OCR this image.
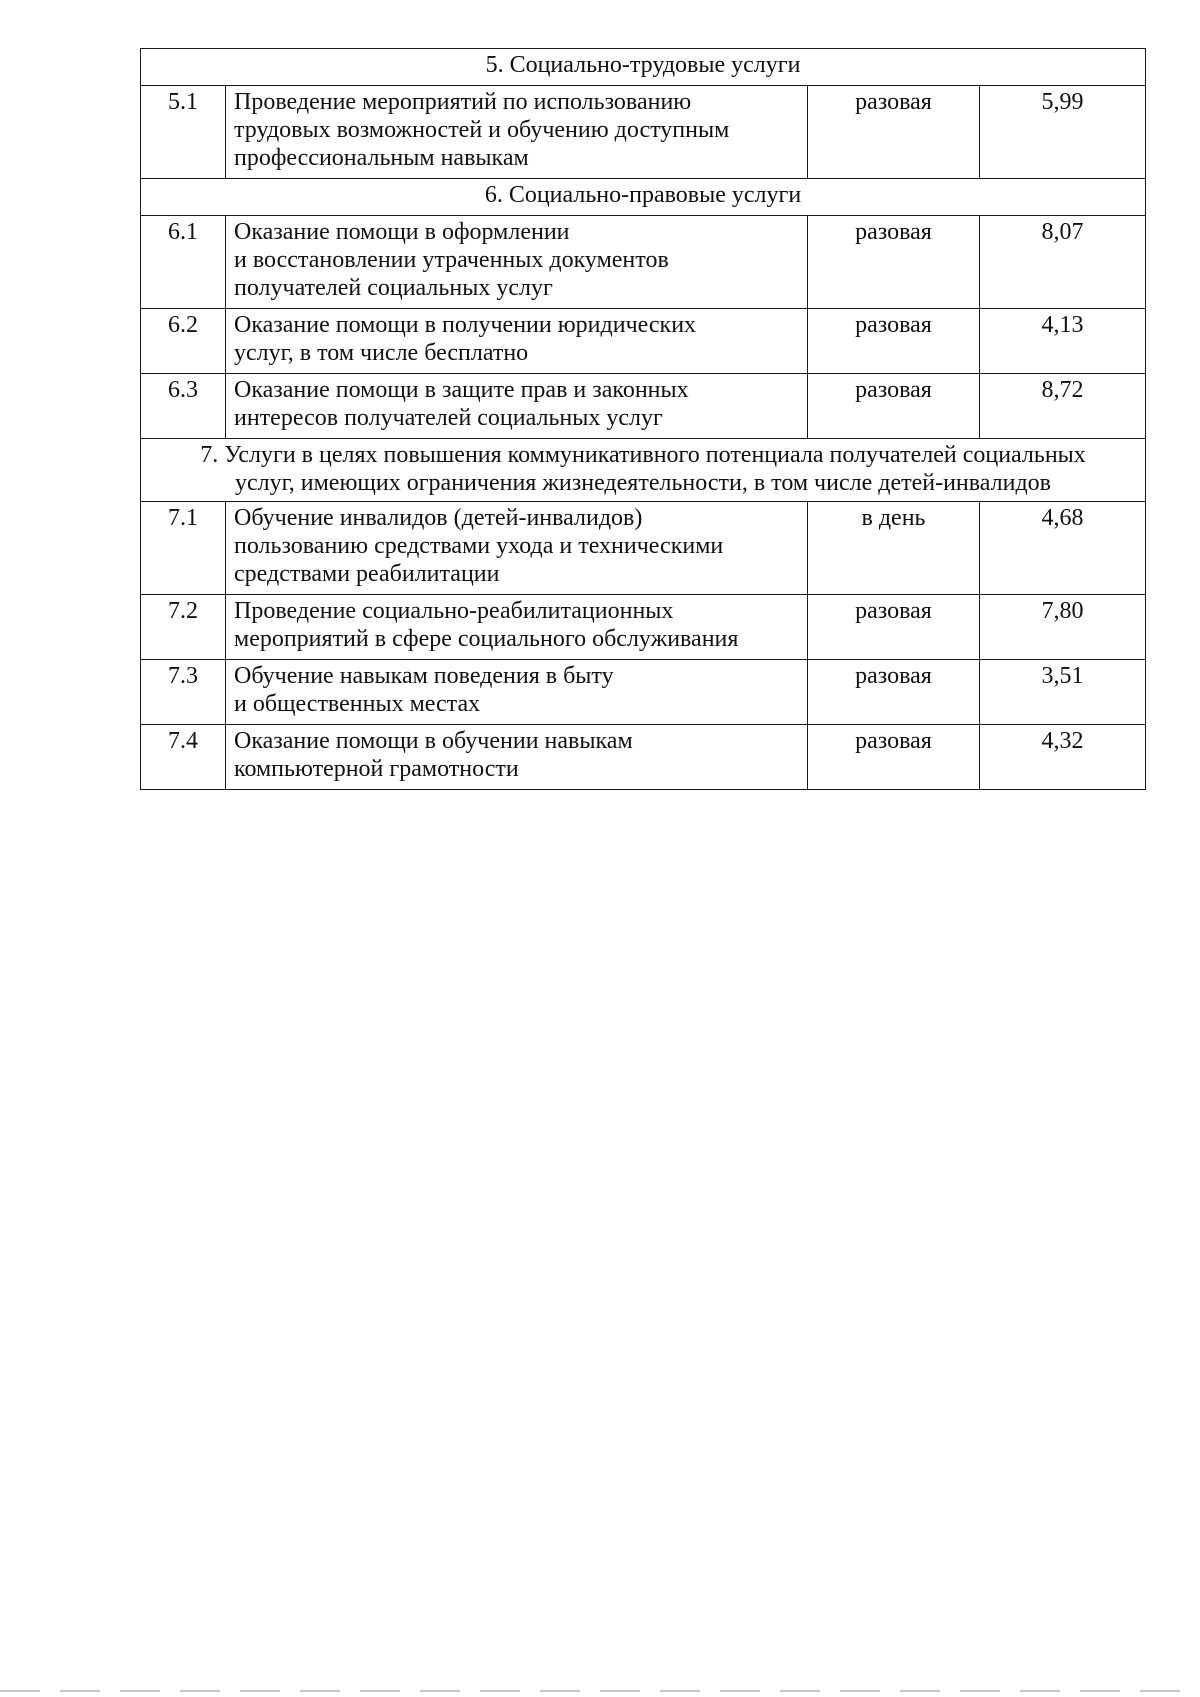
5. Социально-трудовые услуги			
5.1	Проведение мероприятий по использованию
трудовых возможностей и обучению доступным
профессиональным навыкам	разовая	5,99
6. Социально-правовые услуги			
6.1	Оказание помощи в оформлении
и восстановлении утраченных документов
получателей социальных услуг	разовая	8,07
6.2	Оказание помощи в получении юридических
услуг, в том числе бесплатно	разовая	4,13
6.3	Оказание помощи в защите прав и законных
интересов получателей социальных услуг	разовая	8,72

7. Услуги в целях повышения коммуникативного потенциала получателей социальных
услуг, имеющих ограничения жизнедеятельности, в том числе детей-инвалидов			

7.1	Обучение инвалидов (детей-инвалидов)
пользованию средствами ухода и техническими
средствами реабилитации	в день	4,68
7.2	Проведение социально-реабилитационных
мероприятий в сфере социального обслуживания	разовая	7,80
7.3	Обучение навыкам поведения в быту
и общественных местах	разовая	3,51
7.4	Оказание помощи в обучении навыкам
компьютерной грамотности	разовая	4,32
